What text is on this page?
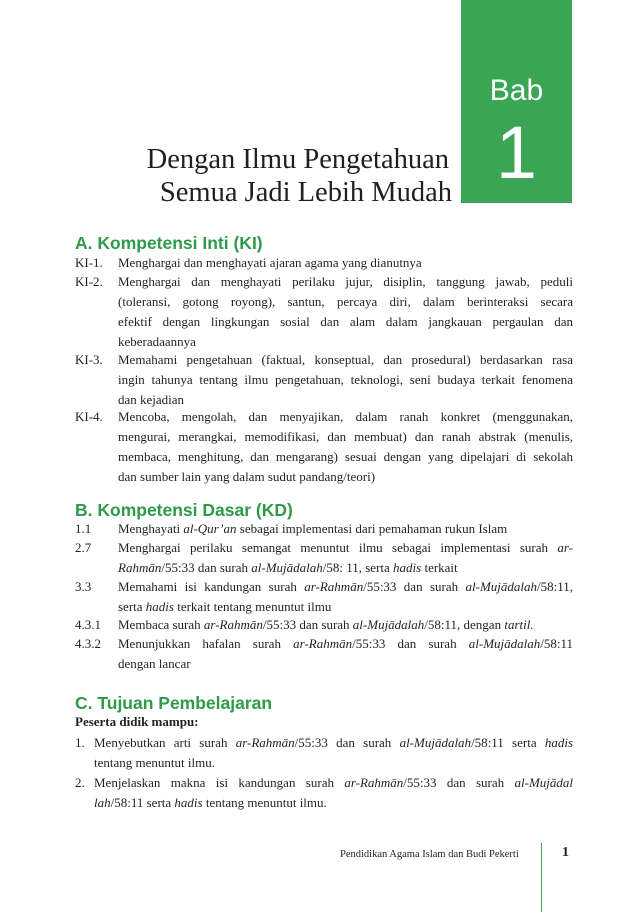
Bab
1
Dengan Ilmu Pengetahuan
Semua Jadi Lebih Mudah
A. Kompetensi Inti (KI)
KI-1. Menghargai dan menghayati ajaran agama yang dianutnya
KI-2. Menghargai dan menghayati perilaku jujur, disiplin, tanggung jawab, peduli
(toleransi, gotong royong), santun, percaya diri, dalam berinteraksi secara
efektif dengan lingkungan sosial dan alam dalam jangkauan pergaulan dan
keberadaannya
KI-3. Memahami pengetahuan (faktual, konseptual, dan prosedural) berdasarkan rasa
ingin tahunya tentang ilmu pengetahuan, teknologi, seni budaya terkait fenomena
dan kejadian
KI-4. Mencoba, mengolah, dan menyajikan, dalam ranah konkret (menggunakan,
mengurai, merangkai, memodifikasi, dan membuat) dan ranah abstrak (menulis,
membaca, menghitung, dan mengarang) sesuai dengan yang dipelajari di sekolah
dan sumber lain yang dalam sudut pandang/teori)
B. Kompetensi Dasar (KD)
1.1 Menghayati al-Qur’an sebagai implementasi dari pemahaman rukun Islam
2.7 Menghargai perilaku semangat menuntut ilmu sebagai implementasi surah ar-
Rahmān/55:33 dan surah al-Mujādalah/58: 11, serta hadis terkait
3.3 Memahami isi kandungan surah ar-Rahmān/55:33 dan surah al-Mujādalah/58:11,
serta hadis terkait tentang menuntut ilmu
4.3.1 Membaca surah ar-Rahmān/55:33 dan surah al-Mujādalah/58:11, dengan tartil.
4.3.2 Menunjukkan hafalan surah ar-Rahmān/55:33 dan surah al-Mujādalah/58:11
dengan lancar
C. Tujuan Pembelajaran
Peserta didik mampu:
1. Menyebutkan arti surah ar-Rahmān/55:33 dan surah al-Mujādalah/58:11 serta hadis
tentang menuntut ilmu.
2. Menjelaskan makna isi kandungan surah ar-Rahmān/55:33 dan surah al-Mujādal
lah/58:11 serta hadis tentang menuntut ilmu.
Pendidikan Agama Islam dan Budi Pekerti	1
